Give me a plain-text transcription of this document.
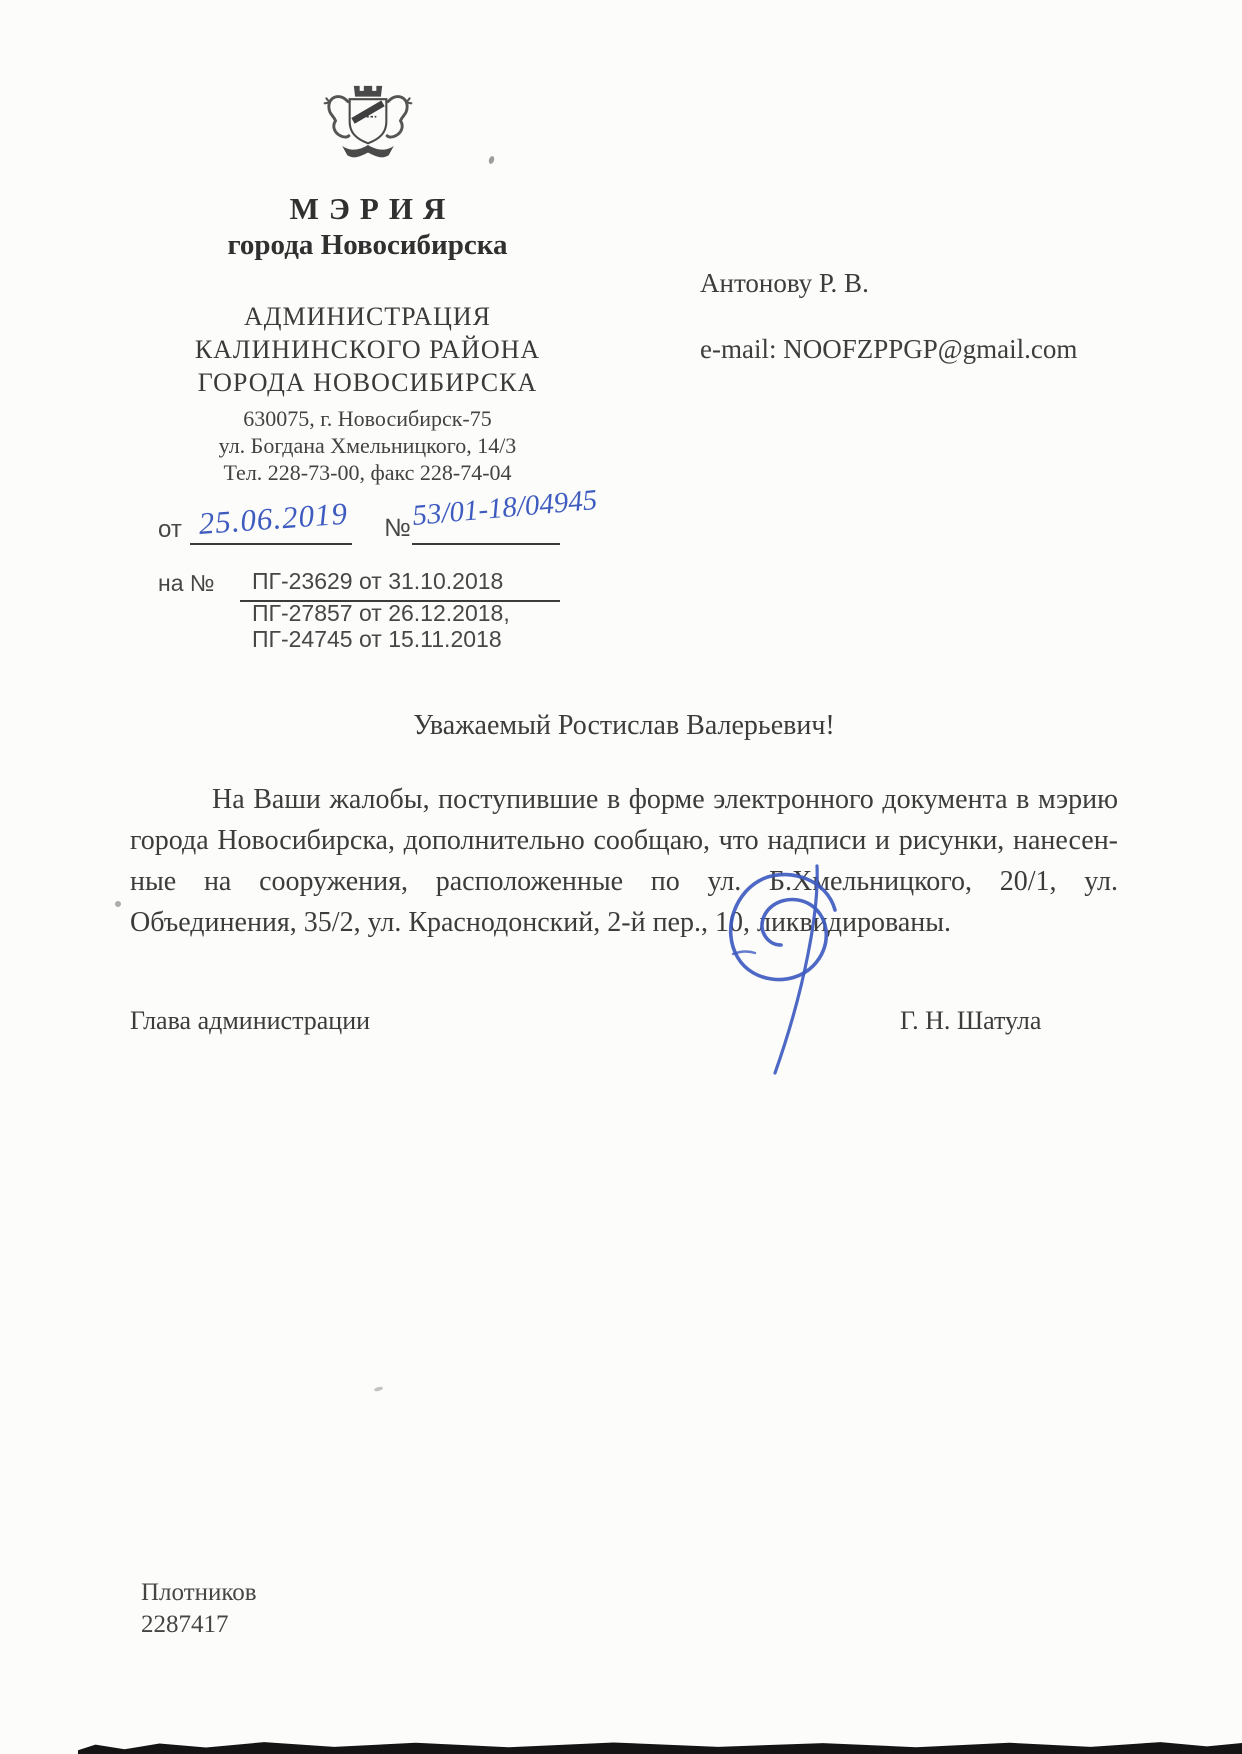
МЭРИЯ
города Новосибирска
АДМИНИСТРАЦИЯ
КАЛИНИНСКОГО РАЙОНА
ГОРОДА НОВОСИБИРСКА
630075, г. Новосибирск-75
ул. Богдана Хмельницкого, 14/3
Тел. 228-73-00, факс 228-74-04
Антонову Р. В.
e-mail: NOOFZPPGP@gmail.com
от 25.06.2019 № 53/01-18/04945
на №	ПГ-23629 от 31.10.2018
ПГ-27857 от 26.12.2018,
ПГ-24745 от 15.11.2018
Уважаемый Ростислав Валерьевич!
На Ваши жалобы, поступившие в форме электронного документа в мэрию
города Новосибирска, дополнительно сообщаю, что надписи и рисунки, нанесен-
ные на сооружения, расположенные по ул. Б.Хмельницкого, 20/1, ул.
Объединения, 35/2, ул. Краснодонский, 2-й пер., 10, ликвидированы.
Глава администрации	Г. Н. Шатула
Плотников
2287417
